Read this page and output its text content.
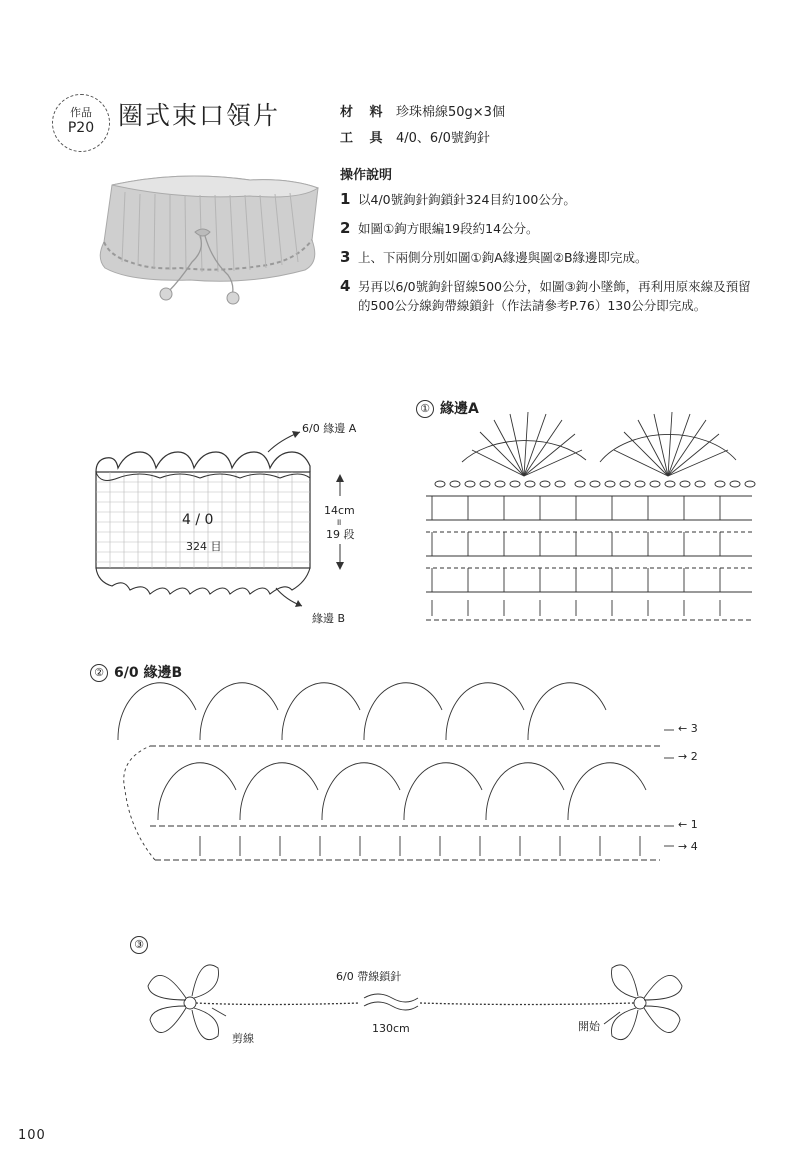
作品
P20 圈式束口領片	材 料 珍珠棉線50g×3個
工 具 4/0、6/0號鉤針
操作說明
1 以4/0號鉤針鉤鎖針324目約100公分。
2 如圖①鉤方眼編19段約14公分。
3 上、下兩側分別如圖①鉤A緣邊與圖②B緣邊即完成。
4 另再以6/0號鉤針留線500公分，如圖③鉤小墜飾，再利用原來線及預留的500公分線鉤帶線鎖針（作法請參考P.76）130公分即完成。
6/0 緣邊 A
4 / 0
324 目
14cm
॥
19 段
緣邊 B
① 緣邊A
② 6/0 緣邊B
← 3
→ 2
← 1
→ 4
③
6/0 帶線鎖針
130cm
剪線
開始
100
